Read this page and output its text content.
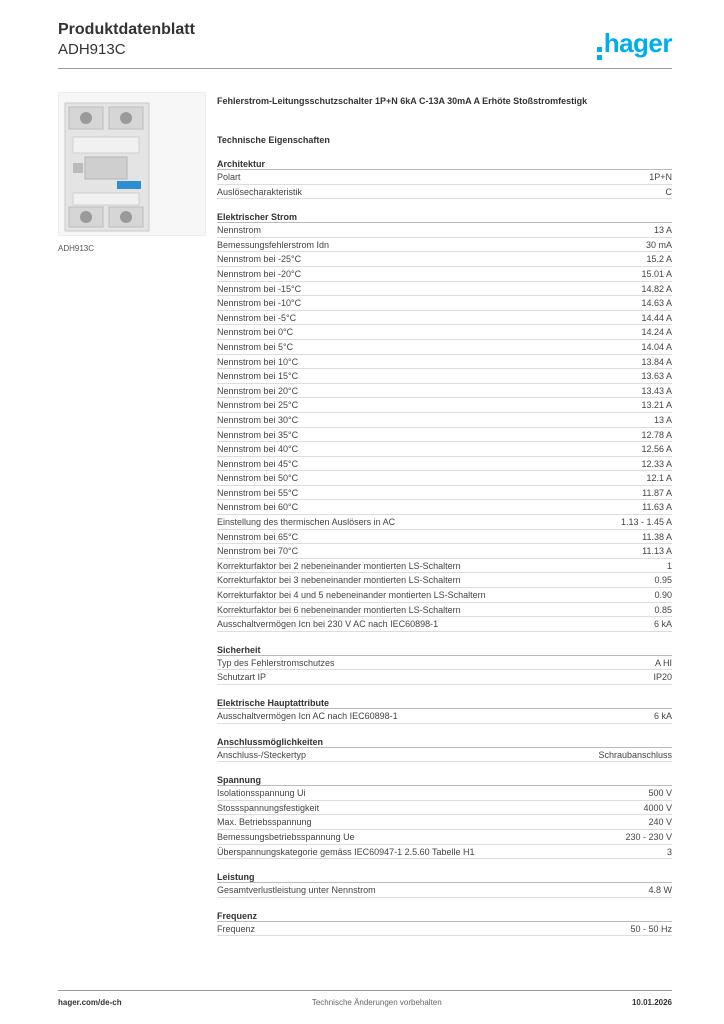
Produktdatenblatt
ADH913C	hager
ADH913C
Fehlerstrom-Leitungsschutzschalter 1P+N 6kA C-13A 30mA A Erhöte Stoßstromfestigk
Technische Eigenschaften
Architektur
Polart	1P+N
Auslösecharakteristik	C
Elektrischer Strom
Nennstrom	13 A
Bemessungsfehlerstrom Idn	30 mA
Nennstrom bei -25°C	15.2 A
Nennstrom bei -20°C	15.01 A
Nennstrom bei -15°C	14.82 A
Nennstrom bei -10°C	14.63 A
Nennstrom bei -5°C	14.44 A
Nennstrom bei 0°C	14.24 A
Nennstrom bei 5°C	14.04 A
Nennstrom bei 10°C	13.84 A
Nennstrom bei 15°C	13.63 A
Nennstrom bei 20°C	13.43 A
Nennstrom bei 25°C	13.21 A
Nennstrom bei 30°C	13 A
Nennstrom bei 35°C	12.78 A
Nennstrom bei 40°C	12.56 A
Nennstrom bei 45°C	12.33 A
Nennstrom bei 50°C	12.1 A
Nennstrom bei 55°C	11.87 A
Nennstrom bei 60°C	11.63 A
Einstellung des thermischen Auslösers in AC	1.13 - 1.45 A
Nennstrom bei 65°C	11.38 A
Nennstrom bei 70°C	11.13 A
Korrekturfaktor bei 2 nebeneinander montierten LS-Schaltern	1
Korrekturfaktor bei 3 nebeneinander montierten LS-Schaltern	0.95
Korrekturfaktor bei 4 und 5 nebeneinander montierten LS-Schaltern	0.90
Korrekturfaktor bei 6 nebeneinander montierten LS-Schaltern	0.85
Ausschaltvermögen Icn bei 230 V AC nach IEC60898-1	6 kA
Sicherheit
Typ des Fehlerstromschutzes	A HI
Schutzart IP	IP20
Elektrische Hauptattribute
Ausschaltvermögen Icn AC nach IEC60898-1	6 kA
Anschlussmöglichkeiten
Anschluss-/Steckertyp	Schraubanschluss
Spannung
Isolationsspannung Ui	500 V
Stossspannungsfestigkeit	4000 V
Max. Betriebsspannung	240 V
Bemessungsbetriebsspannung Ue	230 - 230 V
Überspannungskategorie gemäss IEC60947-1 2.5.60 Tabelle H1	3
Leistung
Gesamtverlustleistung unter Nennstrom	4.8 W
Frequenz
Frequenz	50 - 50 Hz
hager.com/de-ch	Technische Änderungen vorbehalten	10.01.2026
